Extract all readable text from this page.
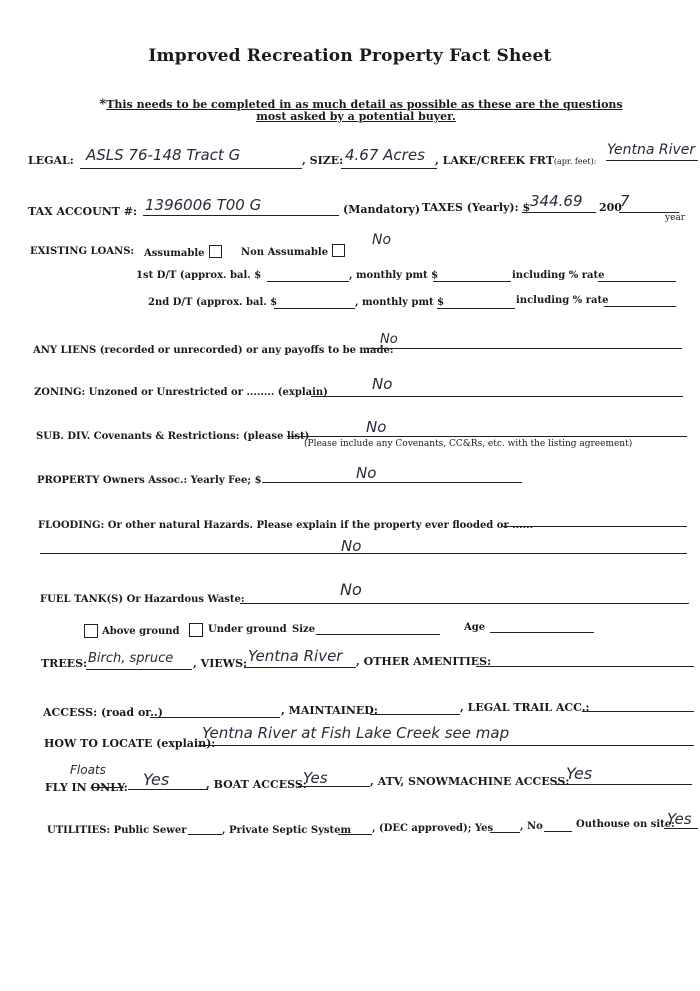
Improved Recreation Property Fact Sheet
*This needs to be completed in as much detail as possible as these are the questions
most asked by a potential buyer.
LEGAL: ASLS 76-148 Tract G	, SIZE: 4.67 Acres , LAKE/CREEK FRT(apr. feet):
Yentna River
TAX ACCOUNT #: 1396006 T00 G	(Mandatory) TAXES (Yearly): $ 344.69 200
7
year
EXISTING LOANS: Assumable	Non Assumable
No
1st D/T (approx. bal. $	, monthly pmt $	including % rate
2nd D/T (approx. bal. $	, monthly pmt $	including % rate
ANY LIENS (recorded or unrecorded) or any payoffs to be made:
No
ZONING: Unzoned or Unrestricted or ........ (explain)	No
SUB. DIV. Covenants & Restrictions: (please list)
No
(Please include any Covenants, CC&Rs, etc. with the listing agreement)
PROPERTY Owners Assoc.: Yearly Fee; $	No
FLOODING: Or other natural Hazards. Please explain if the property ever flooded or ......
No
FUEL TANK(S) Or Hazardous Waste:
No
Above ground	Under ground Size	Age
TREES: Birch, spruce , VIEWS: Yentna River , OTHER AMENITIES:
ACCESS: (road or..)	, MAINTAINED:	, LEGAL TRAIL ACC.:
HOW TO LOCATE (explain):
Yentna River at Fish Lake Creek see map
Floats
FLY IN ONLY: Yes	, BOAT ACCESS:
Yes	, ATV, SNOWMACHINE ACCESS:
Yes
UTILITIES: Public Sewer	, Private Septic System , (DEC approved); Yes	, No	Outhouse on site:
Yes
